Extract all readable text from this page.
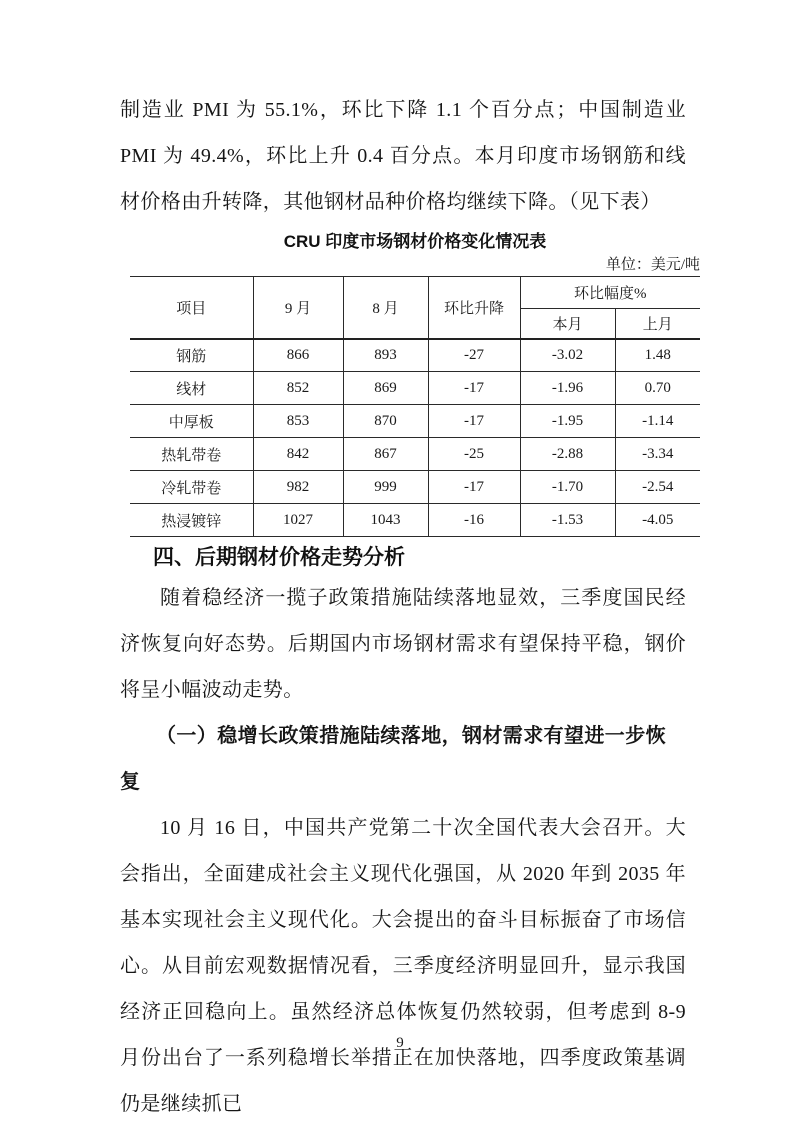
制造业 PMI 为 55.1%，环比下降 1.1 个百分点；中国制造业 PMI 为 49.4%，环比上升 0.4 百分点。本月印度市场钢筋和线材价格由升转降，其他钢材品种价格均继续下降。（见下表）

CRU 印度市场钢材价格变化情况表
单位：美元/吨
项目	9 月	8 月	环比升降	环比幅度%	
				本月	上月
钢筋	866	893	-27	-3.02	1.48
线材	852	869	-17	-1.96	0.70
中厚板	853	870	-17	-1.95	-1.14
热轧带卷	842	867	-25	-2.88	-3.34
冷轧带卷	982	999	-17	-1.70	-2.54
热浸镀锌	1027	1043	-16	-1.53	-4.05
四、后期钢材价格走势分析

随着稳经济一揽子政策措施陆续落地显效，三季度国民经济恢复向好态势。后期国内市场钢材需求有望保持平稳，钢价将呈小幅波动走势。

（一）稳增长政策措施陆续落地，钢材需求有望进一步恢复

10 月 16 日，中国共产党第二十次全国代表大会召开。大会指出，全面建成社会主义现代化强国，从 2020 年到 2035 年基本实现社会主义现代化。大会提出的奋斗目标振奋了市场信心。从目前宏观数据情况看，三季度经济明显回升，显示我国经济正回稳向上。虽然经济总体恢复仍然较弱，但考虑到 8-9 月份出台了一系列稳增长举措正在加快落地，四季度政策基调仍是继续抓已

9
